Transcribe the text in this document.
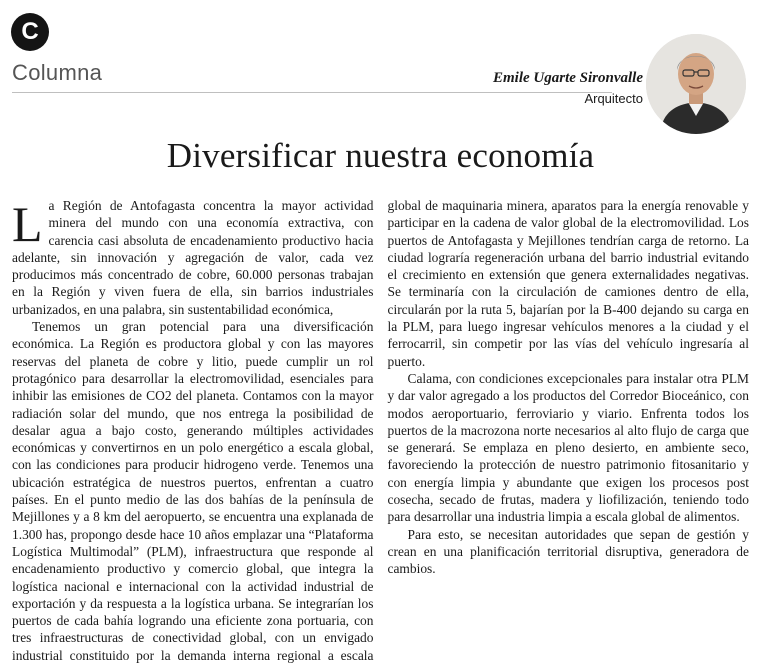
C
Columna	Emile Ugarte Sironvalle
Arquitecto
Diversificar nuestra economía

La Región de Antofagasta concentra la mayor actividad minera del mundo con una economía extractiva, con carencia casi absoluta de encadenamiento productivo hacia adelante, sin innovación y agregación de valor, cada vez producimos más concentrado de cobre, 60.000 personas trabajan en la Región y viven fuera de ella, sin barrios industriales urbanizados, en una palabra, sin sustentabilidad económica,

Tenemos un gran potencial para una diversificación económica. La Región es productora global y con las mayores reservas del planeta de cobre y litio, puede cumplir un rol protagónico para desarrollar la electromovilidad, esenciales para inhibir las emisiones de CO2 del planeta. Contamos con la mayor radiación solar del mundo, que nos entrega la posibilidad de desalar agua a bajo costo, generando múltiples actividades económicas y convertirnos en un polo energético a escala global, con las condiciones para producir hidrogeno verde. Tenemos una ubicación estratégica de nuestros puertos, enfrentan a cuatro países. En el punto medio de las dos bahías de la península de Mejillones y a 8 km del aeropuerto, se encuentra una explanada de 1.300 has, propongo desde hace 10 años emplazar una “Plataforma Logística Multimodal” (PLM), infraestructura que responde al encadenamiento productivo y comercio global, que integra la logística nacional e internacional con la actividad industrial de exportación y da respuesta a la logística urbana. Se integrarían los puertos de cada bahía logrando una eficiente zona portuaria, con tres infraestructuras de conectividad global, con un envigado industrial constituido por la demanda interna regional a escala global de maquinaria minera, aparatos para la energía renovable y participar en la cadena de valor global de la electromovilidad. Los puertos de Antofagasta y Mejillones tendrían carga de retorno. La ciudad lograría regeneración urbana del barrio industrial evitando el crecimiento en extensión que genera externalidades negativas. Se terminaría con la circulación de camiones dentro de ella, circularán por la ruta 5, bajarían por la B-400 dejando su carga en la PLM, para luego ingresar vehículos menores a la ciudad y el ferrocarril, sin competir por las vías del vehículo ingresaría al puerto.

Calama, con condiciones excepcionales para instalar otra PLM y dar valor agregado a los productos del Corredor Bioceánico, con modos aeroportuario, ferroviario y viario. Enfrenta todos los puertos de la macrozona norte necesarios al alto flujo de carga que se generará. Se emplaza en pleno desierto, en ambiente seco, favoreciendo la protección de nuestro patrimonio fitosanitario y con energía limpia y abundante que exigen los procesos post cosecha, secado de frutas, madera y liofilización, teniendo todo para desarrollar una industria limpia a escala global de alimentos.

Para esto, se necesitan autoridades que sepan de gestión y crean en una planificación territorial disruptiva, generadora de cambios.
